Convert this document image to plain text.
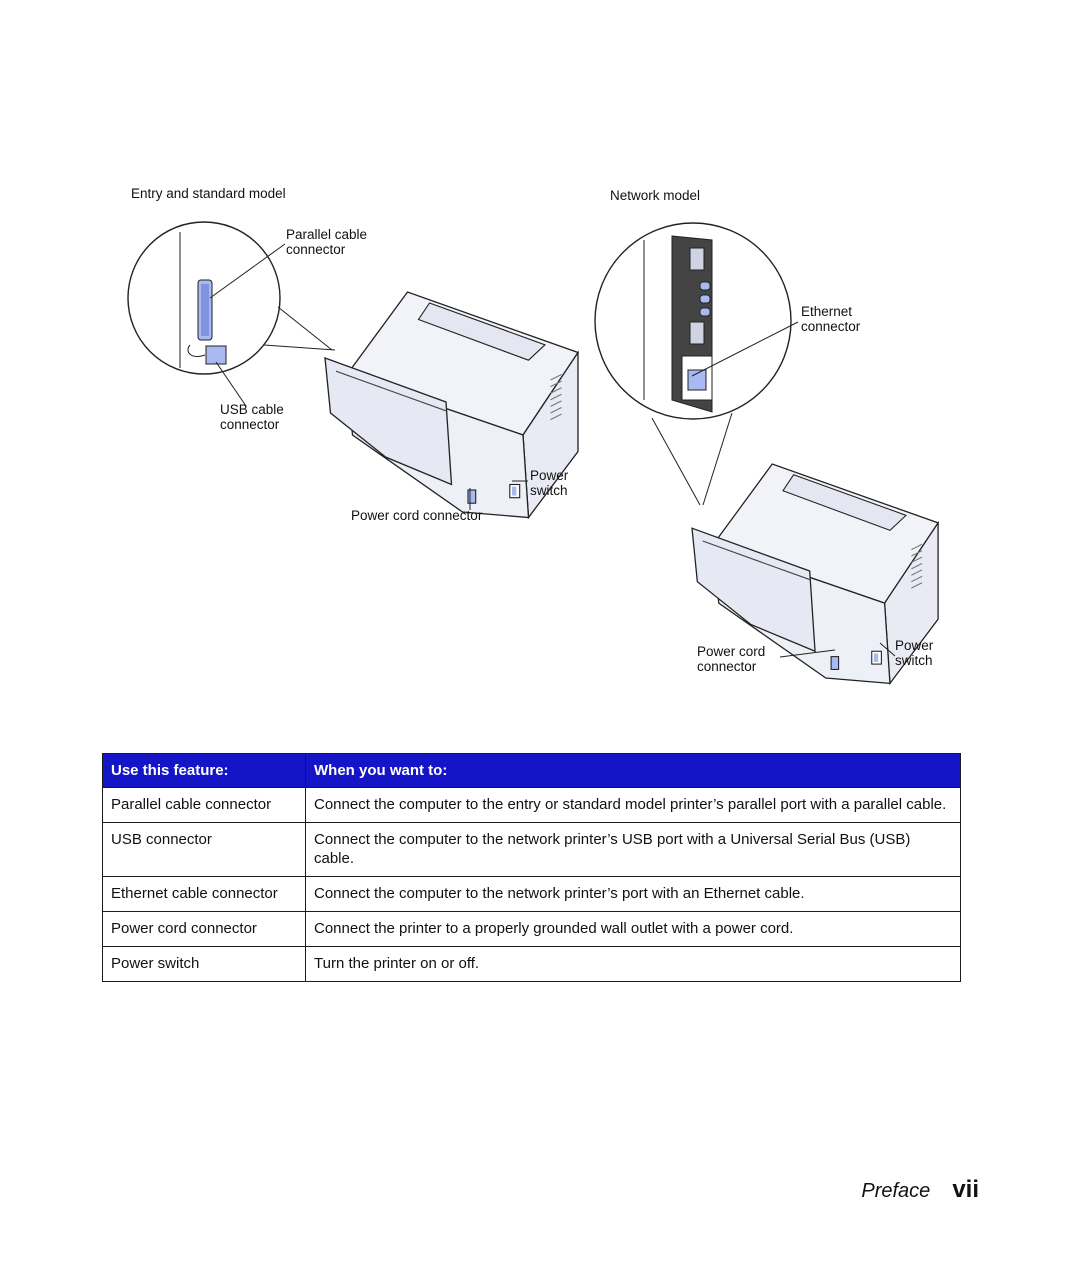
Entry and standard model	Network model
Parallel cable
connector
USB cable
connector
Power
switch
Power cord connector
Ethernet
connector
Power cord
connector
Power
switch
Use this feature:	When you want to:
Parallel cable connector	Connect the computer to the entry or standard model printer’s parallel port with a parallel cable.
USB connector	Connect the computer to the network printer’s USB port with a Universal Serial Bus (USB) cable.
Ethernet cable connector	Connect the computer to the network printer’s port with an Ethernet cable.
Power cord connector	Connect the printer to a properly grounded wall outlet with a power cord.
Power switch	Turn the printer on or off.
Preface vii
